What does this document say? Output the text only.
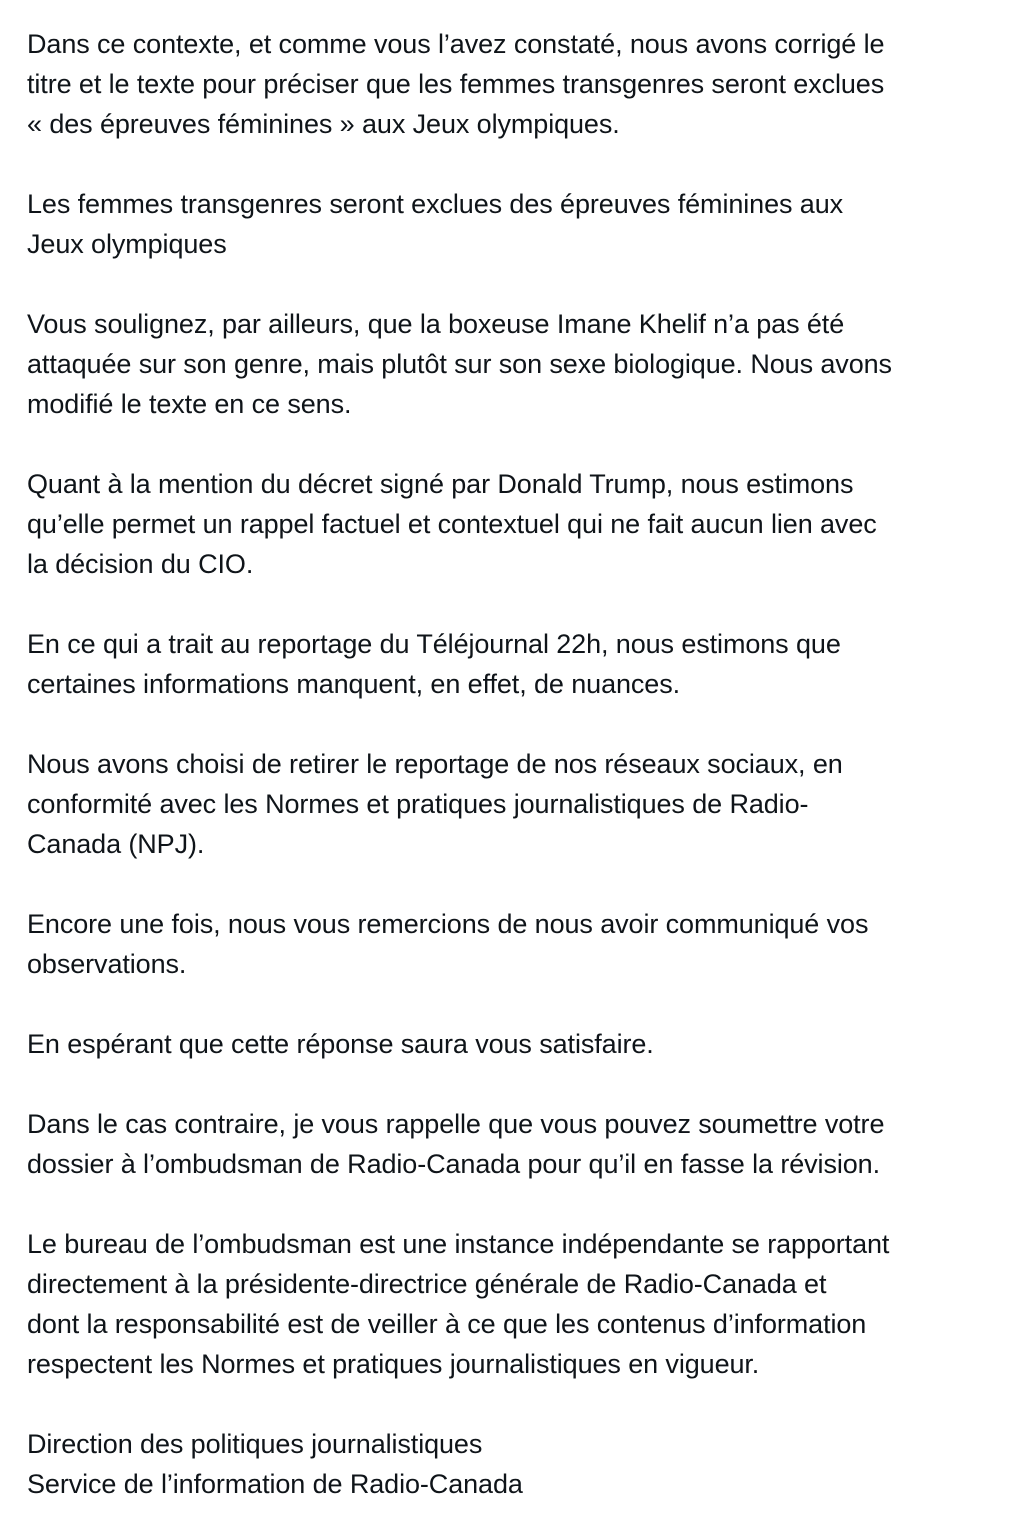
Dans ce contexte, et comme vous l’avez constaté, nous avons corrigé le
titre et le texte pour préciser que les femmes transgenres seront exclues
« des épreuves féminines » aux Jeux olympiques.

Les femmes transgenres seront exclues des épreuves féminines aux
Jeux olympiques

Vous soulignez, par ailleurs, que la boxeuse Imane Khelif n’a pas été
attaquée sur son genre, mais plutôt sur son sexe biologique. Nous avons
modifié le texte en ce sens.

Quant à la mention du décret signé par Donald Trump, nous estimons
qu’elle permet un rappel factuel et contextuel qui ne fait aucun lien avec
la décision du CIO.

En ce qui a trait au reportage du Téléjournal 22h, nous estimons que
certaines informations manquent, en effet, de nuances.

Nous avons choisi de retirer le reportage de nos réseaux sociaux, en
conformité avec les Normes et pratiques journalistiques de Radio-
Canada (NPJ).

Encore une fois, nous vous remercions de nous avoir communiqué vos
observations.

En espérant que cette réponse saura vous satisfaire.

Dans le cas contraire, je vous rappelle que vous pouvez soumettre votre
dossier à l’ombudsman de Radio-Canada pour qu’il en fasse la révision.

Le bureau de l’ombudsman est une instance indépendante se rapportant
directement à la présidente-directrice générale de Radio-Canada et
dont la responsabilité est de veiller à ce que les contenus d’information
respectent les Normes et pratiques journalistiques en vigueur.

Direction des politiques journalistiques
Service de l’information de Radio-Canada
